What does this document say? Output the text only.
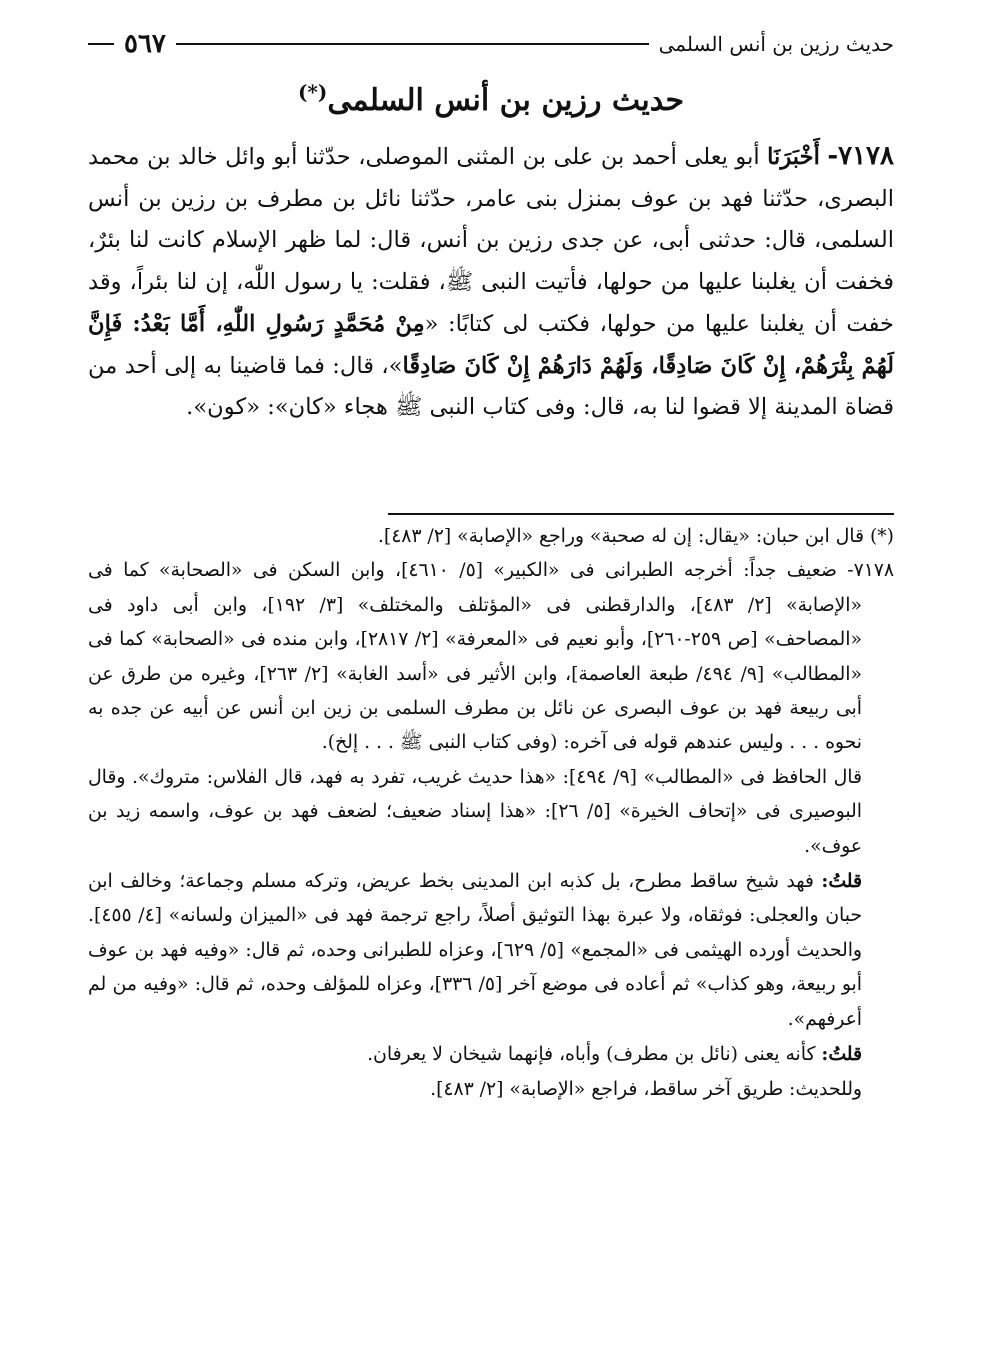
حديث رزين بن أنس السلمى
٥٦٧
حديث رزين بن أنس السلمى(*)
٧١٧٨- أَخْبَرَنَا أبو يعلى أحمد بن على بن المثنى الموصلى، حدّثنا أبو وائل خالد بن محمد البصرى، حدّثنا فهد بن عوف بمنزل بنى عامر، حدّثنا نائل بن مطرف بن رزين بن أنس السلمى، قال: حدثنى أبى، عن جدى رزين بن أنس، قال: لما ظهر الإسلام كانت لنا بئرٌ، فخفت أن يغلبنا عليها من حولها، فأتيت النبى ﷺ، فقلت: يا رسول اللّٰه، إن لنا بئراً، وقد خفت أن يغلبنا عليها من حولها، فكتب لى كتابًا: «مِنْ مُحَمَّدٍ رَسُولِ اللّٰهِ، أَمَّا بَعْدُ: فَإِنَّ لَهُمْ بِئْرَهُمْ، إِنْ كَانَ صَادِقًا، وَلَهُمْ دَارَهُمْ إِنْ كَانَ صَادِقًا»، قال: فما قاضينا به إلى أحد من قضاة المدينة إلا قضوا لنا به، قال: وفى كتاب النبى ﷺ هجاء «كان»: «كون».

(*) قال ابن حبان: «يقال: إن له صحبة» وراجع «الإصابة» [٢/ ٤٨٣].

٧١٧٨- ضعيف جداً: أخرجه الطبرانى فى «الكبير» [٥/ ٤٦١٠]، وابن السكن فى «الصحابة» كما فى «الإصابة» [٢/ ٤٨٣]، والدارقطنى فى «المؤتلف والمختلف» [٣/ ١٩٢]، وابن أبى داود فى «المصاحف» [ص ٢٥٩-٢٦٠]، وأبو نعيم فى «المعرفة» [٢/ ٢٨١٧]، وابن منده فى «الصحابة» كما فى «المطالب» [٩/ ٤٩٤/ طبعة العاصمة]، وابن الأثير فى «أسد الغابة» [٢/ ٢٦٣]، وغيره من طرق عن أبى ربيعة فهد بن عوف البصرى عن نائل بن مطرف السلمى بن زين ابن أنس عن أبيه عن جده به نحوه . . . وليس عندهم قوله فى آخره: (وفى كتاب النبى ﷺ . . . إلخ).

قال الحافظ فى «المطالب» [٩/ ٤٩٤]: «هذا حديث غريب، تفرد به فهد، قال الفلاس: متروك». وقال البوصيرى فى «إتحاف الخيرة» [٥/ ٢٦]: «هذا إسناد ضعيف؛ لضعف فهد بن عوف، واسمه زيد بن عوف».

قلتُ: فهد شيخ ساقط مطرح، بل كذبه ابن المدينى بخط عريض، وتركه مسلم وجماعة؛ وخالف ابن حبان والعجلى: فوثقاه، ولا عبرة بهذا التوثيق أصلاً، راجع ترجمة فهد فى «الميزان ولسانه» [٤/ ٤٥٥]. والحديث أورده الهيثمى فى «المجمع» [٥/ ٦٢٩]، وعزاه للطبرانى وحده، ثم قال: «وفيه فهد بن عوف أبو ربيعة، وهو كذاب» ثم أعاده فى موضع آخر [٥/ ٣٣٦]، وعزاه للمؤلف وحده، ثم قال: «وفيه من لم أعرفهم».

قلتُ: كأنه يعنى (نائل بن مطرف) وأباه، فإنهما شيخان لا يعرفان.

وللحديث: طريق آخر ساقط، فراجع «الإصابة» [٢/ ٤٨٣].
